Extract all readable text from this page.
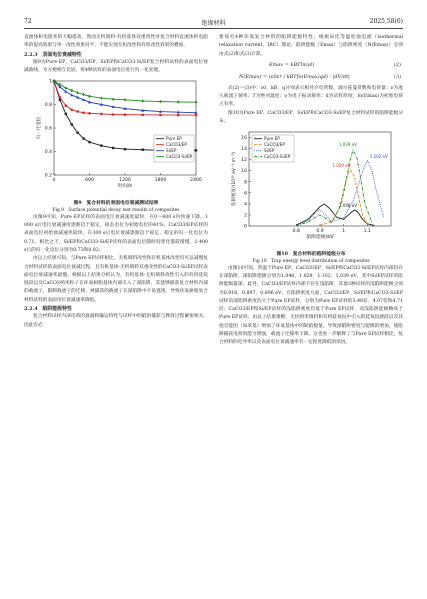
72	绝缘材料	2025,58(6)

直流体积电阻率的大幅提高，然而无机填料-有机基体双重改性对复合材料直流体积电阻率的提高效果与单一改性效果持平，不能实现无机改性和有机改性效果的叠加。

2.2.3　表面电位衰减特性

图9为Pure EP、CaCO3/EP、Si/EP和CaCO3-Si/EP复合材料试样的表面电位衰减曲线，为方便相互比较，将4种试样的表面电位进行归一化处理。

0	600	1200	1800	2400
0.2
0.4
0.6
0.8
1
时间/s
归一化电位	Pure EP
CaCO3/EP
Si/EP
CaCO3-Si/EP
图9　复合材料的表面电位衰减测试结果
Fig.9　Surface potential decay test results of composites

由图9可知，Pure EP试样的表面电位衰减速度最快，在0～600 s内快速下降，1 000 s后电位衰减速度逐渐趋于稳定，稳态电位为初始电位的41%。CaCO3/EP试样的表面电位初始衰减速率较快，在300 s后电位衰减逐渐趋于稳定，稳定的归一化电位为0.71。相比之下，Si/EP和CaCO3-Si/EP试样的表面电位随时间变化都较缓慢，2 400 s后的归一化电位分别为0.73和0.82。

由以上结果可知，与Pure EP试样相比，无机填料改性和有机基体改性均可以减慢复合材料试样的表面电位衰减过程，且有机基体-无机填料双重改性的CaCO3-Si/EP试样表面电位衰减速率最慢。根据以上结果分析认为，有机基体-无机填料改性引入的有机硅烷链段以及CaCO3纳米粒子在环氧树脂基体内部引入了深陷阱，其能够捕获复合材料内部的载流子，限制载流子的迁移，被捕获的载流子在深陷阱中不易逃逸，导致环氧树脂复合材料试样的表面电位衰减速率降低。

2.2.4　陷阱能级特性

复合材料试样内部电荷的衰减和输运特性与试样中的陷阱捕获与释放过程紧密相关，因此有必

要探究4种环氧复合材料的陷阱能级特性。根据局化等温松弛电流（isothermal relaxation current，IRC）理论，陷阱能级（Emax）与陷阱密度（N(Emax)）分别由式(2)和式(3)计算。

Emax = kBTln(νt)	(2)
N(Emax) = (ε0εr / kBTfo(Emax)qd) · |dV/dt|	(3)

式(2)～(3)中：ε0、kB、q分别表示相对介电常数、玻尔兹曼常数和电荷量；ν为逃入载流子频率；T为绝对温度；ν为电子振动频率；d为试样厚度；fo(Emax)为初始电荷占有率。

图10为Pure EP、CaCO3/EP、Si/EP和CaCO3-Si/EP复合材料试样的陷阱能级分布。

0.8	0.9	1	1.1
0
2
4
6
8
10
12
14
16
陷阱能级/eV
陷阱密度/(10²⁰ eV⁻¹·m⁻³)
Pure EP
CaCO3/EP
Si/EP
CaCO3-Si/EP
1.039 eV
1.048 eV
1.029 eV
1.102 eV
图10　复合材料的陷阱能级分布
Fig.10　Trap energy level distribution of composites

由图10可知，常温下Pure EP、CaCO3/EP、Si/EP和CaCO3-Si/EP试样内部均存在深陷阱，深陷阱能级分别为1.048、1.029、1.102、1.039 eV，其中Si/EP试样的陷阱能级最深。此外，CaCO3/EP试样内部不存在浅陷阱，其他3种试样的浅陷阱能级分别为0.918、0.897、0.896 eV。在陷阱密度方面，CaCO3/EP、Si/EP和CaCO3-Si/EP试样的深陷阱密度均大于Pure EP试样，分别为Pure EP试样的3.48倍、4.07倍和4.71倍；CaCO3/EP和Si/EP试样的浅陷阱密度均低于Pure EP试样，而浅陷阱能级略高于Pure EP试样。由以上结果推断，无机纳米填料和有机硅氧烷中引入的硅氧烷链段以及其他官能团（如苯基）增加了环氧基体中的缺陷数量，导致深陷阱密度与能级的增加，使陷阱捕获电荷的能力增强，载流子迁移率下降。这也进一步解释了与Pure EP试样相比，复合材料的电导率以及表面电位衰减速率有一定程度降低的原因。
